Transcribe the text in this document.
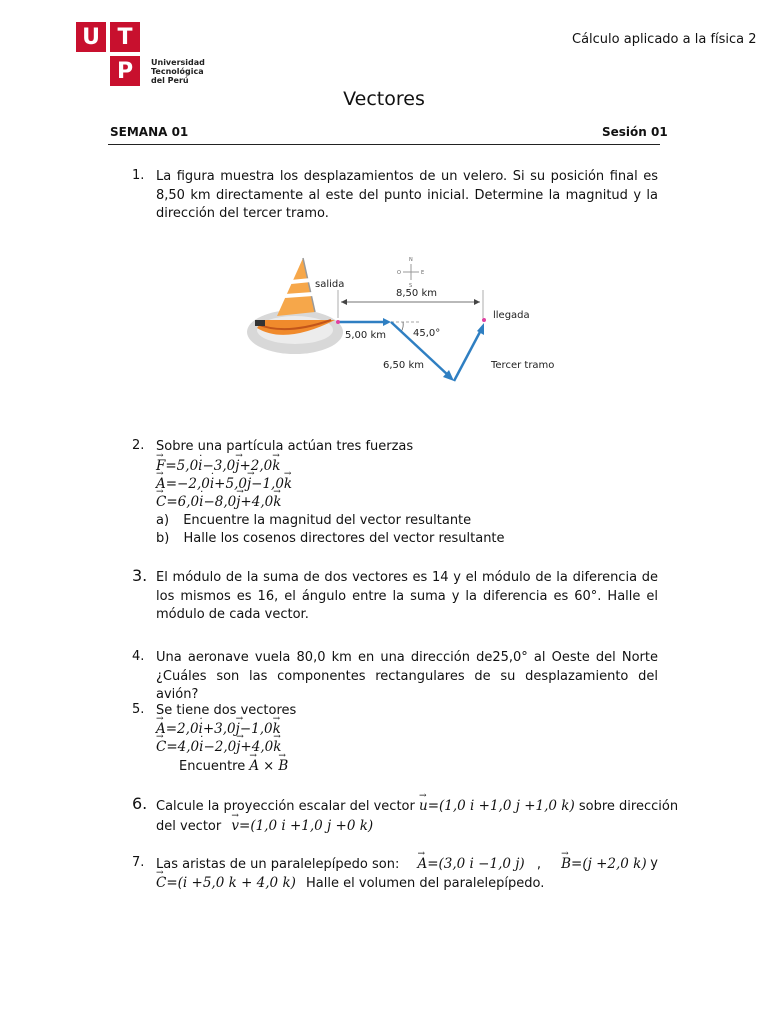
U T
P	Universidad
Tecnológica
del Perú
Cálculo aplicado a la física 2
Vectores
SEMANA 01	Sesión 01
1. La figura muestra los desplazamientos de un velero. Si su posición final es 8,50 km directamente al este del punto inicial. Determine la magnitud y la dirección del tercer tramo.
salida
N
O	E
S
8,50 km
45,0°
5,00 km
6,50 km
llegada
Tercer tramo
2. Sobre una partícula actúan tres fuerzas
→ F=5,0· i−3,0→ j+2,0→ k
→ A=−2,0· i+5,0→ j−1,0→ k
→ C=6,0· i−8,0→ j+4,0→ k
a) Encuentre la magnitud del vector resultante
b) Halle los cosenos directores del vector resultante
3. El módulo de la suma de dos vectores es 14 y el módulo de la diferencia de los mismos es 16, el ángulo entre la suma y la diferencia es 60°. Halle el módulo de cada vector.
4. Una aeronave vuela 80,0 km en una dirección de25,0° al Oeste del Norte ¿Cuáles son las componentes rectangulares de su desplazamiento del avión?
5. Se tiene dos vectores
→ A=2,0· i+3,0→ j−1,0→ k
→ C=4,0· i−2,0→ j+4,0→ k
Encuentre → A × → B
6. Calcule la proyección escalar del vector → u=(1,0 i +1,0 j +1,0 k) sobre dirección
del vector → v=(1,0 i +1,0 j +0 k)
7. Las aristas de un paralelepípedo son: → A=(3,0 i −1,0 j) , → B=(j +2,0 k) y
→ C=(i +5,0 k + 4,0 k) Halle el volumen del paralelepípedo.
